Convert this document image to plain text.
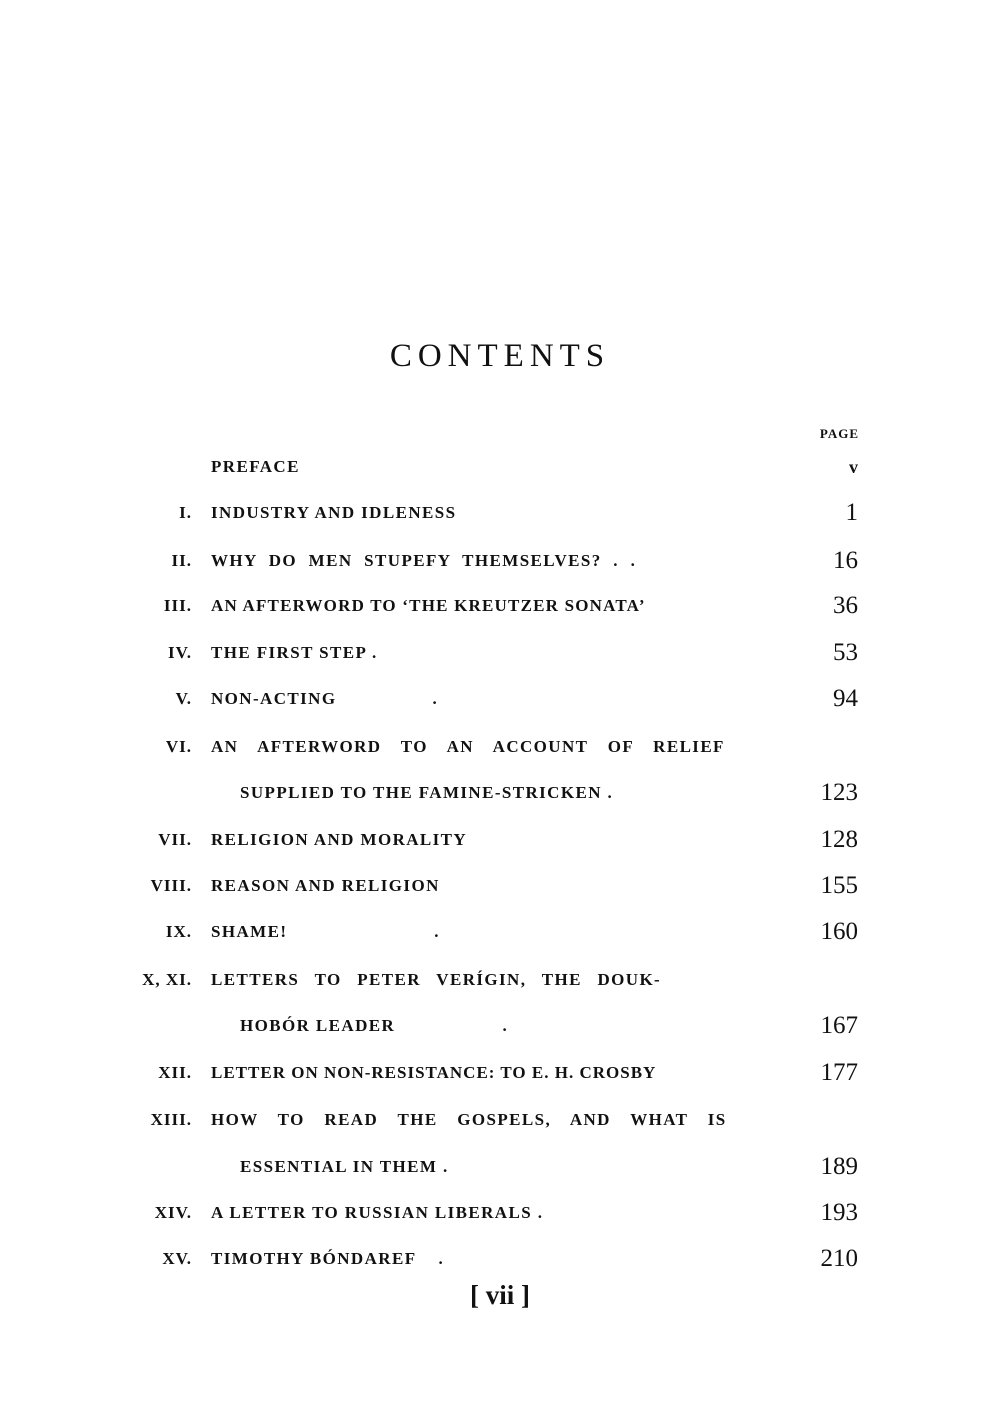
CONTENTS
PAGE
PREFACE	v
I. INDUSTRY AND IDLENESS	1
II. WHY DO MEN STUPEFY THEMSELVES? . .	16
III. AN AFTERWORD TO ‘THE KREUTZER SONATA’	36
IV. THE FIRST STEP .	53
V. NON-ACTING                 .	94
VI. AN AFTERWORD TO AN ACCOUNT OF RELIEF
SUPPLIED TO THE FAMINE-STRICKEN .	123
VII. RELIGION AND MORALITY	128
VIII. REASON AND RELIGION	155
IX. SHAME!                          .	160
X, XI. LETTERS TO PETER VERÍGIN, THE DOUK-
HOBÓR LEADER                   .	167
XII. LETTER ON NON-RESISTANCE: TO E. H. CROSBY	177
XIII. HOW TO READ THE GOSPELS, AND WHAT IS
ESSENTIAL IN THEM .	189
XIV. A LETTER TO RUSSIAN LIBERALS .	193
XV. TIMOTHY BÓNDAREF    .	210
[ vii ]
